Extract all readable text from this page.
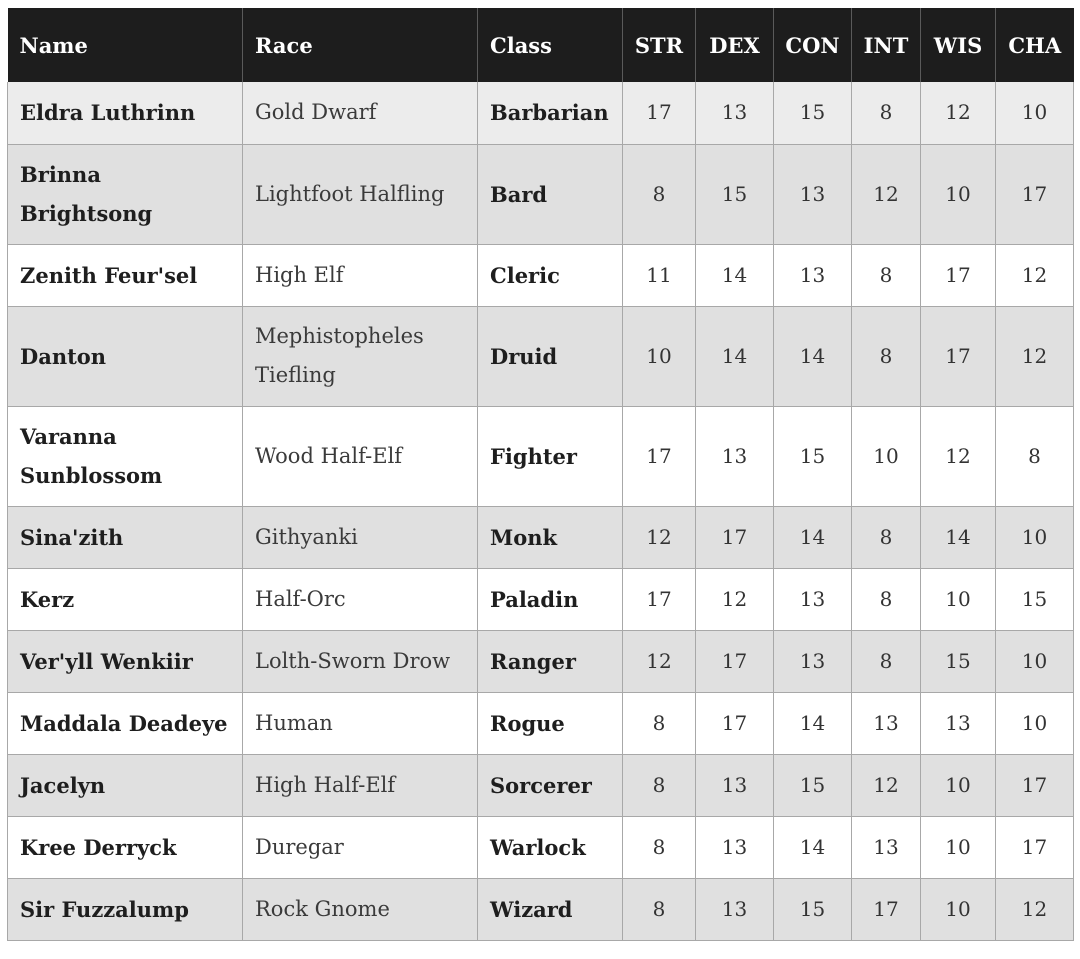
Name	Race	Class	STR	DEX	CON	INT	WIS	CHA
Eldra Luthrinn	Gold Dwarf	Barbarian	17	13	15	8	12	10
Brinna Brightsong	Lightfoot Halfling	Bard	8	15	13	12	10	17
Zenith Feur'sel	High Elf	Cleric	11	14	13	8	17	12
Danton	Mephistopheles Tiefling	Druid	10	14	14	8	17	12
Varanna Sunblossom	Wood Half-Elf	Fighter	17	13	15	10	12	8
Sina'zith	Githyanki	Monk	12	17	14	8	14	10
Kerz	Half-Orc	Paladin	17	12	13	8	10	15
Ver'yll Wenkiir	Lolth-Sworn Drow	Ranger	12	17	13	8	15	10
Maddala Deadeye	Human	Rogue	8	17	14	13	13	10
Jacelyn	High Half-Elf	Sorcerer	8	13	15	12	10	17
Kree Derryck	Duregar	Warlock	8	13	14	13	10	17
Sir Fuzzalump	Rock Gnome	Wizard	8	13	15	17	10	12
